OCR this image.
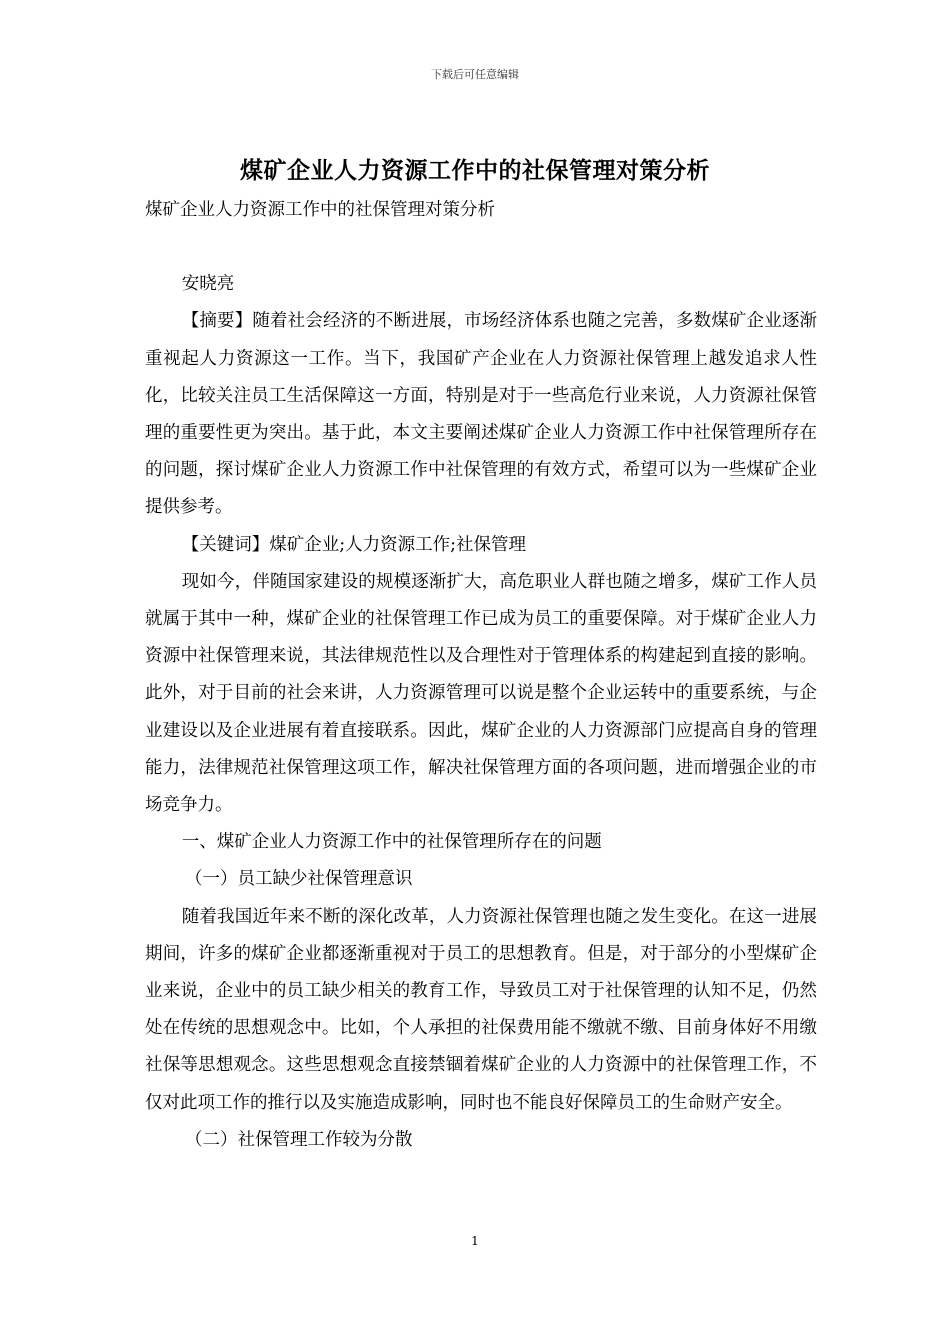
下载后可任意编辑
煤矿企业人力资源工作中的社保管理对策分析

煤矿企业人力资源工作中的社保管理对策分析

安晓亮

【摘要】随着社会经济的不断进展，市场经济体系也随之完善，多数煤矿企业逐渐重视起人力资源这一工作。当下，我国矿产企业在人力资源社保管理上越发追求人性化，比较关注员工生活保障这一方面，特别是对于一些高危行业来说，人力资源社保管理的重要性更为突出。基于此，本文主要阐述煤矿企业人力资源工作中社保管理所存在的问题，探讨煤矿企业人力资源工作中社保管理的有效方式，希望可以为一些煤矿企业提供参考。

【关键词】煤矿企业;人力资源工作;社保管理

现如今，伴随国家建设的规模逐渐扩大，高危职业人群也随之增多，煤矿工作人员就属于其中一种，煤矿企业的社保管理工作已成为员工的重要保障。对于煤矿企业人力资源中社保管理来说，其法律规范性以及合理性对于管理体系的构建起到直接的影响。此外，对于目前的社会来讲，人力资源管理可以说是整个企业运转中的重要系统，与企业建设以及企业进展有着直接联系。因此，煤矿企业的人力资源部门应提高自身的管理能力，法律规范社保管理这项工作，解决社保管理方面的各项问题，进而增强企业的市场竞争力。

一、煤矿企业人力资源工作中的社保管理所存在的问题

（一）员工缺少社保管理意识

随着我国近年来不断的深化改革，人力资源社保管理也随之发生变化。在这一进展期间，许多的煤矿企业都逐渐重视对于员工的思想教育。但是，对于部分的小型煤矿企业来说，企业中的员工缺少相关的教育工作，导致员工对于社保管理的认知不足，仍然处在传统的思想观念中。比如，个人承担的社保费用能不缴就不缴、目前身体好不用缴社保等思想观念。这些思想观念直接禁锢着煤矿企业的人力资源中的社保管理工作，不仅对此项工作的推行以及实施造成影响，同时也不能良好保障员工的生命财产安全。

（二）社保管理工作较为分散

1
